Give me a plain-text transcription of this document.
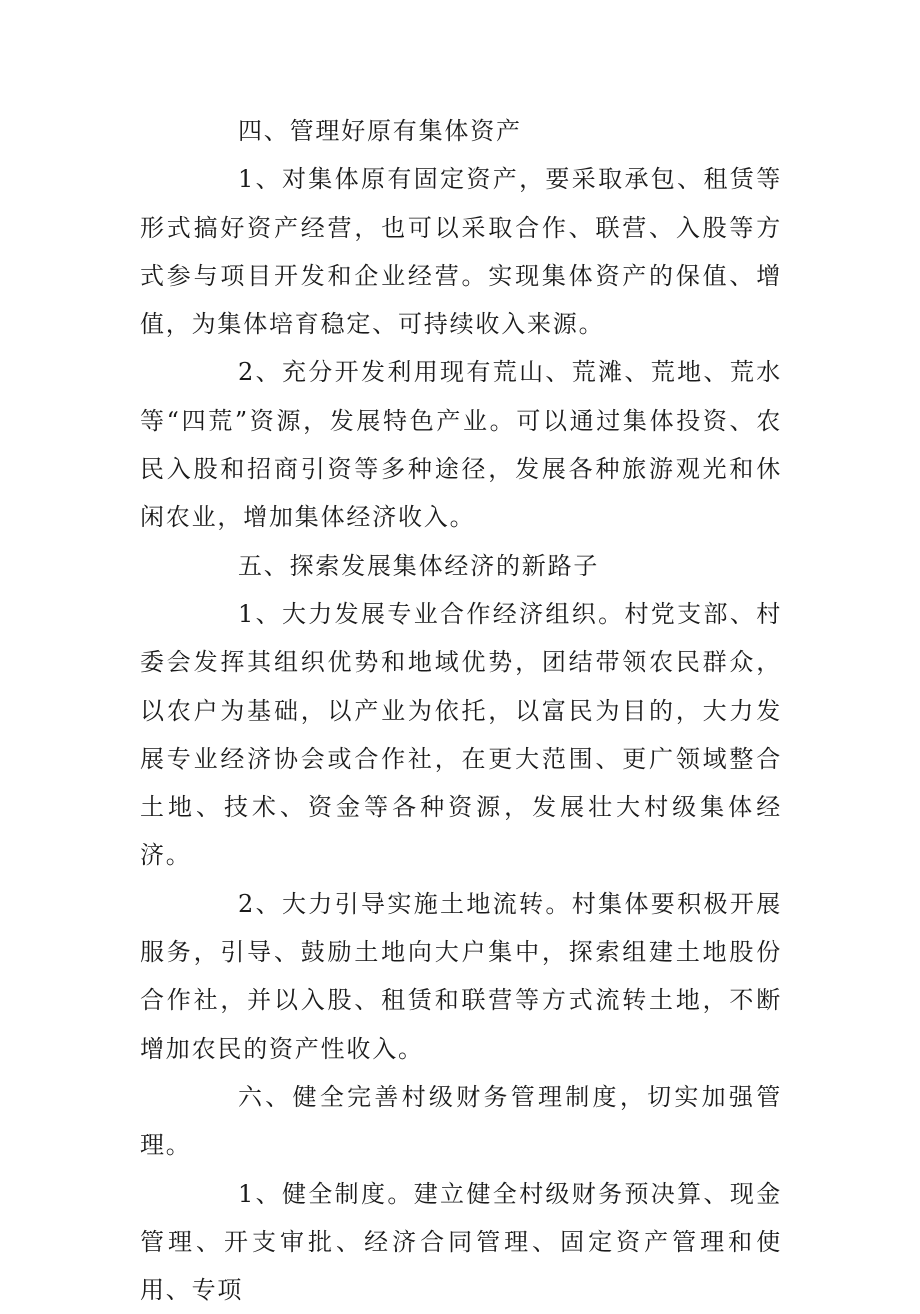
四、管理好原有集体资产

1、对集体原有固定资产，要采取承包、租赁等形式搞好资产经营，也可以采取合作、联营、入股等方式参与项目开发和企业经营。实现集体资产的保值、增值，为集体培育稳定、可持续收入来源。

2、充分开发利用现有荒山、荒滩、荒地、荒水等“四荒”资源，发展特色产业。可以通过集体投资、农民入股和招商引资等多种途径，发展各种旅游观光和休闲农业，增加集体经济收入。

五、探索发展集体经济的新路子

1、大力发展专业合作经济组织。村党支部、村委会发挥其组织优势和地域优势，团结带领农民群众，以农户为基础，以产业为依托，以富民为目的，大力发展专业经济协会或合作社，在更大范围、更广领域整合土地、技术、资金等各种资源，发展壮大村级集体经济。

2、大力引导实施土地流转。村集体要积极开展服务，引导、鼓励土地向大户集中，探索组建土地股份合作社，并以入股、租赁和联营等方式流转土地，不断增加农民的资产性收入。

六、健全完善村级财务管理制度，切实加强管理。

1、健全制度。建立健全村级财务预决算、现金管理、开支审批、经济合同管理、固定资产管理和使用、专项
